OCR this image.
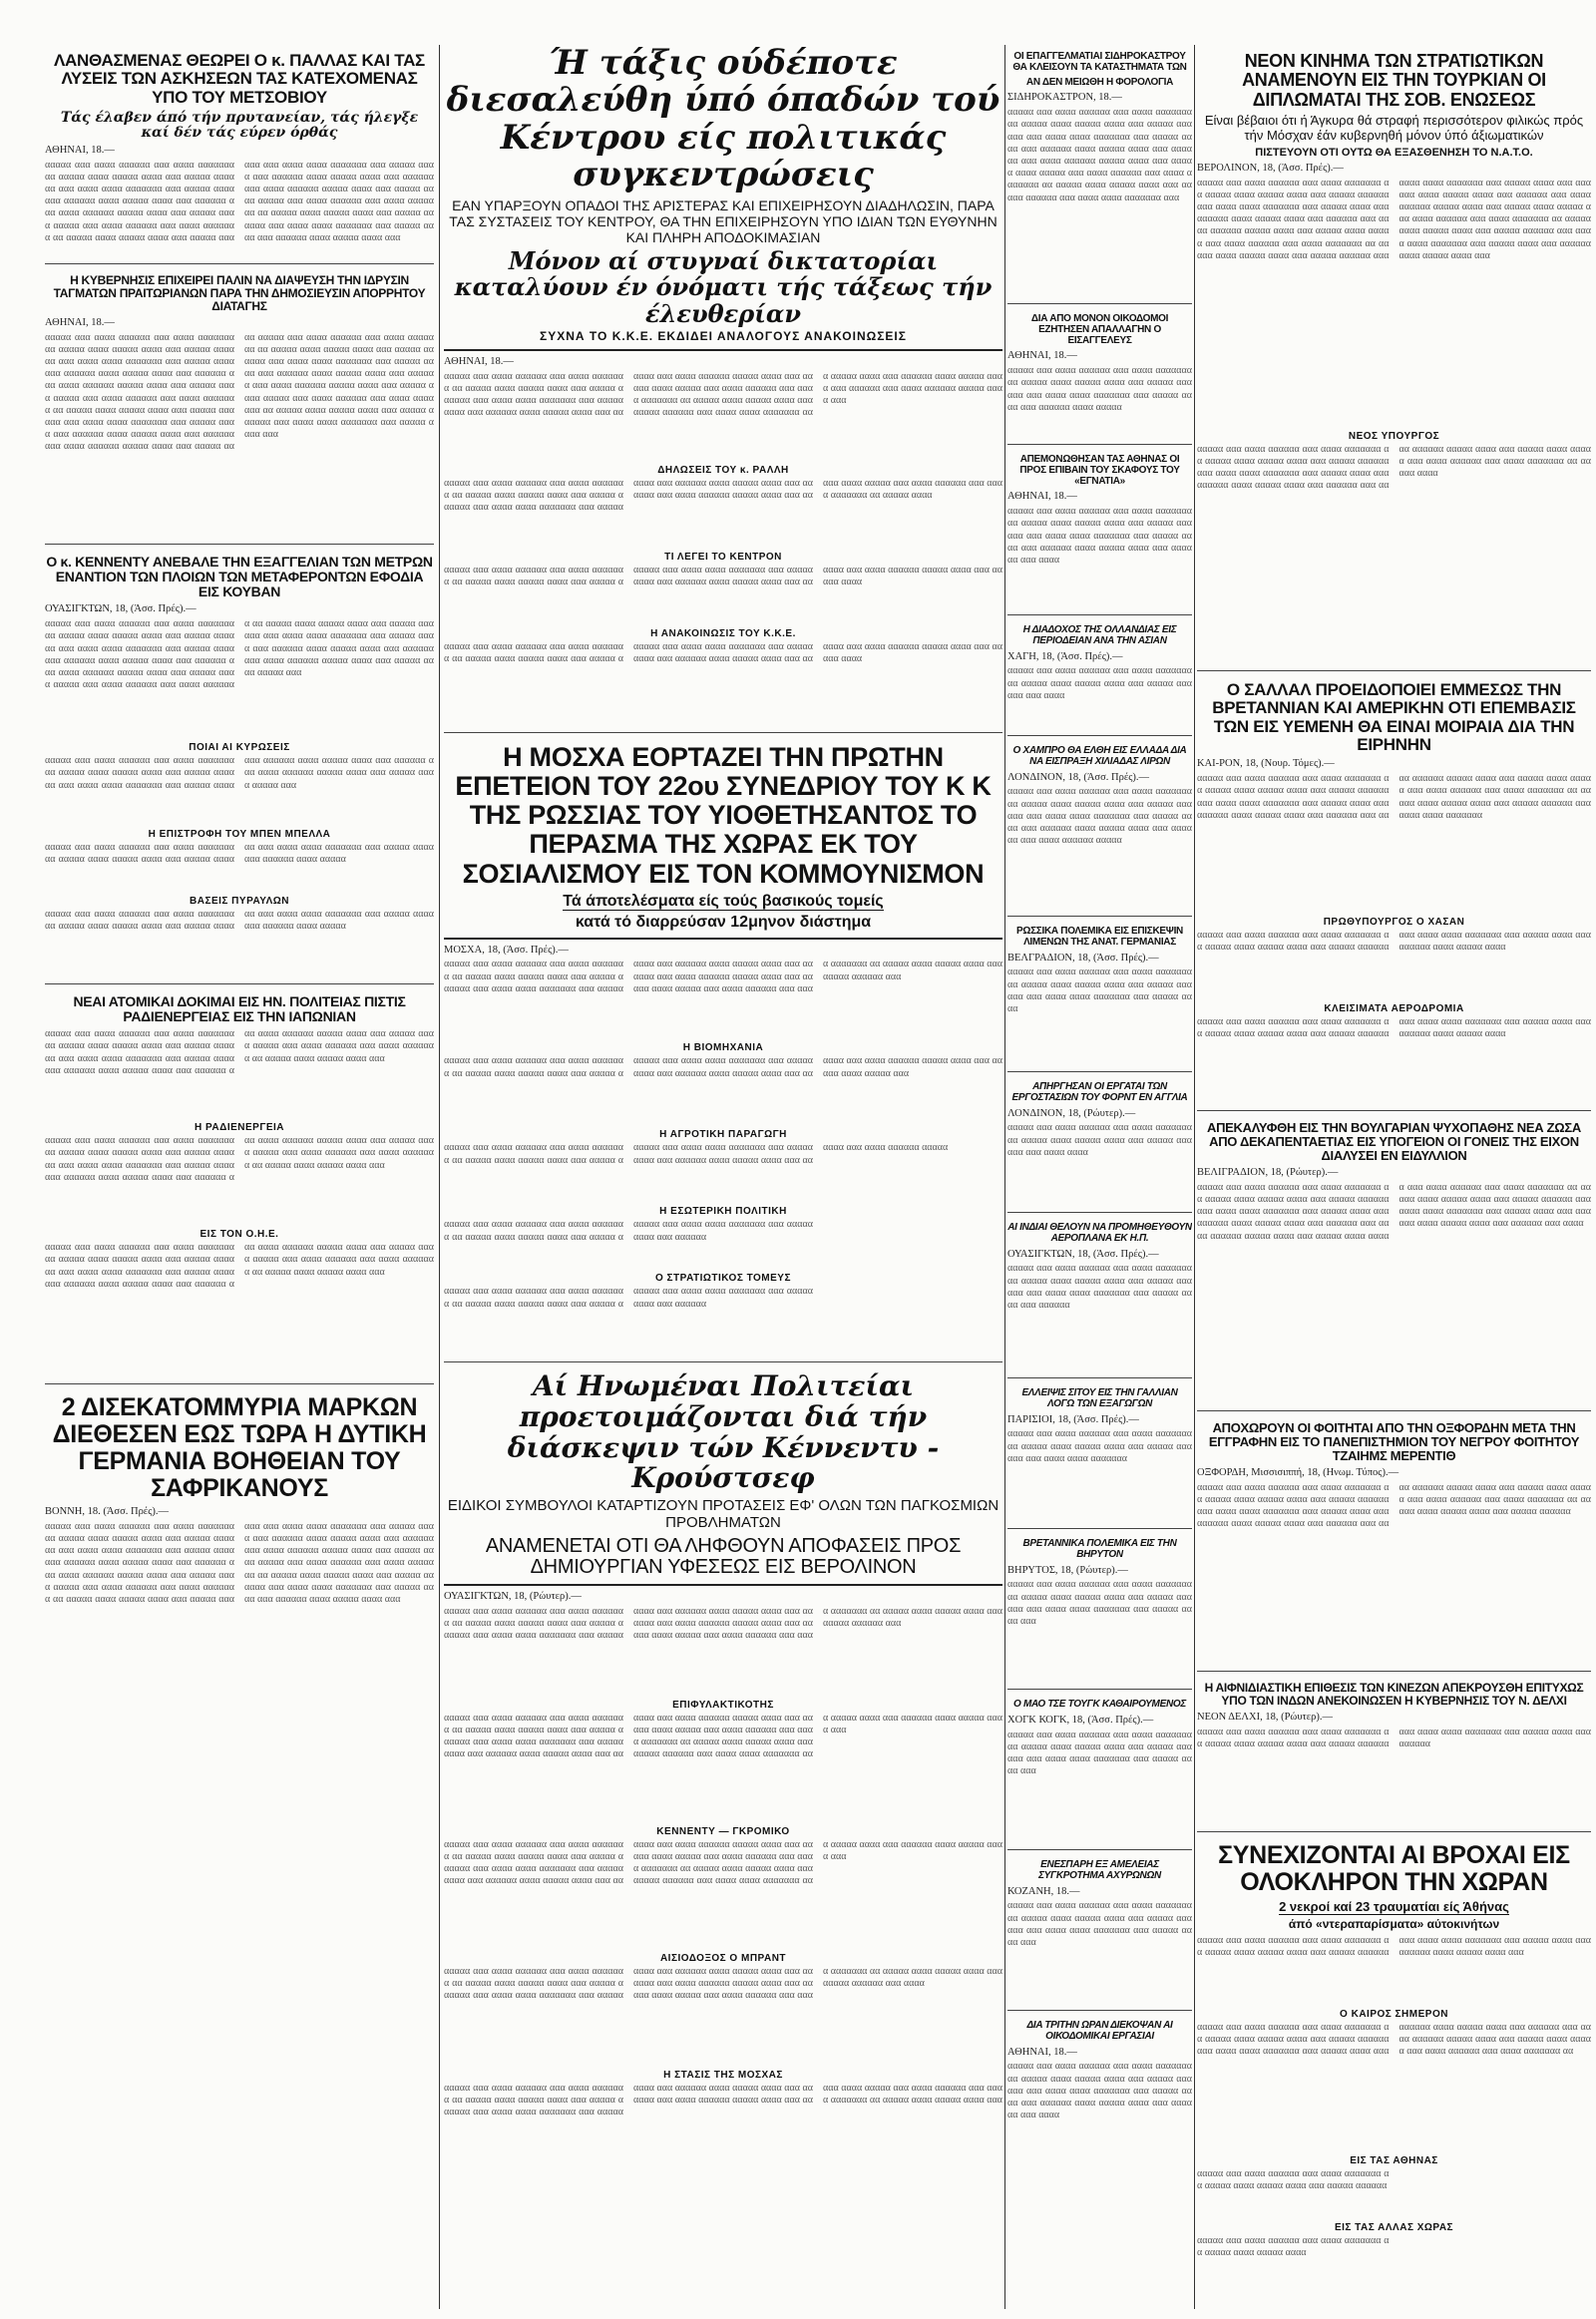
ΛΑΝΘΑΣΜΕΝΑΣ ΘΕΩΡΕΙ Ο κ. ΠΑΛΛΑΣ ΚΑΙ ΤΑΣ ΛΥΣΕΙΣ ΤΩΝ ΑΣΚΗΣΕΩΝ ΤΑΣ ΚΑΤΕΧΟΜΕΝΑΣ ΥΠΟ ΤΟΥ ΜΕΤΣΟΒΙΟΥ
Τάς έλαβεν άπό τήν πρυτανείαν, τάς ήλεγξε καί δέν τάς εύρεν όρθάς
ΑΘΗΝΑΙ, 18.—
ααααα ααα αααα αααααα ααα αααα ααααααα αα ααααα αααα ααααα αααα ααα ααααα αααααα ααα αααα αααα ααααααα ααα ααααα αααα ααα αααααα αααα ααααα αααα ααα αααααα ααα αααα αααααα ααααα αααα ααα ααααα αααα ααααα ααα αααα αααααα ααα αααα ααααααα αα ααααα αααα ααααα αααα ααα ααααα αααααα ααα αααα αααα ααααααα ααα ααααα αααα ααα αααααα αααα ααααα αααα ααα αααααα ααα αααα αααααα ααααα αααα ααα ααααα αααα ααααα ααα αααα αααααα ααα αααα ααααααα αα ααααα αααα ααααα αααα ααα ααααα αααααα ααα αααα αααα ααααααα ααα ααααα αααα ααα αααααα αααα ααααα αααα ααα
Η ΚΥΒΕΡΝΗΣΙΣ ΕΠΙΧΕΙΡΕΙ ΠΑΛΙΝ ΝΑ ΔΙΑΨΕΥΣΗ ΤΗΝ ΙΔΡΥΣΙΝ ΤΑΓΜΑΤΩΝ ΠΡΑΙΤΩΡΙΑΝΩΝ ΠΑΡΑ ΤΗΝ ΔΗΜΟΣΙΕΥΣΙΝ ΑΠΟΡΡΗΤΟΥ ΔΙΑΤΑΓΗΣ
ΑΘΗΝΑΙ, 18.—
ααααα ααα αααα αααααα ααα αααα ααααααα αα ααααα αααα ααααα αααα ααα ααααα αααααα ααα αααα αααα ααααααα ααα ααααα αααα ααα αααααα αααα ααααα αααα ααα αααααα ααα αααα αααααα ααααα αααα ααα ααααα αααα ααααα ααα αααα αααααα ααα αααα ααααααα αα ααααα αααα ααααα αααα ααα ααααα αααααα ααα αααα αααα ααααααα ααα ααααα αααα ααα αααααα αααα ααααα αααα ααα αααααα ααα αααα αααααα ααααα αααα ααα ααααα αααα ααααα ααα αααα αααααα ααα αααα ααααααα αα ααααα αααα ααααα αααα ααα ααααα αααααα ααα αααα αααα ααααααα ααα ααααα αααα ααα αααααα αααα ααααα αααα ααα αααααα ααα αααα αααααα ααααα αααα ααα ααααα αααα ααααα ααα αααα αααααα ααα αααα ααααααα αα ααααα αααα ααααα αααα ααα ααααα αααααα ααα αααα αααα ααααααα ααα ααααα αααα ααα
Ο κ. ΚΕΝΝΕΝΤΥ ΑΝΕΒΑΛΕ ΤΗΝ ΕΞΑΓΓΕΛΙΑΝ ΤΩΝ ΜΕΤΡΩΝ ΕΝΑΝΤΙΟΝ ΤΩΝ ΠΛΟΙΩΝ ΤΩΝ ΜΕΤΑΦΕΡΟΝΤΩΝ ΕΦΟΔΙΑ ΕΙΣ ΚΟΥΒΑΝ
ΟΥΑΣΙΓΚΤΩΝ, 18, (Άσσ. Πρές).—
ααααα ααα αααα αααααα ααα αααα ααααααα αα ααααα αααα ααααα αααα ααα ααααα αααααα ααα αααα αααα ααααααα ααα ααααα αααα ααα αααααα αααα ααααα αααα ααα αααααα ααα αααα αααααα ααααα αααα ααα ααααα αααα ααααα ααα αααα αααααα ααα αααα ααααααα αα ααααα αααα ααααα αααα ααα ααααα αααααα ααα αααα αααα ααααααα ααα ααααα αααα ααα αααααα αααα ααααα αααα ααα αααααα ααα αααα αααααα ααααα αααα ααα ααααα αααα ααααα ααα
ΠΟΙΑΙ ΑΙ ΚΥΡΩΣΕΙΣ
ααααα ααα αααα αααααα ααα αααα ααααααα αα ααααα αααα ααααα αααα ααα ααααα αααααα ααα αααα αααα ααααααα ααα ααααα αααα ααα αααααα αααα ααααα αααα ααα αααααα ααα αααα αααααα ααααα αααα ααα ααααα αααα ααααα ααα
Η ΕΠΙΣΤΡΟΦΗ ΤΟΥ ΜΠΕΝ ΜΠΕΛΛΑ
ααααα ααα αααα αααααα ααα αααα ααααααα αα ααααα αααα ααααα αααα ααα ααααα αααααα ααα αααα αααα ααααααα ααα ααααα αααα ααα αααααα αααα ααααα
ΒΑΣΕΙΣ ΠΥΡΑΥΛΩΝ
ααααα ααα αααα αααααα ααα αααα ααααααα αα ααααα αααα ααααα αααα ααα ααααα αααααα ααα αααα αααα ααααααα ααα ααααα αααα ααα αααααα αααα ααααα
ΝΕΑΙ ΑΤΟΜΙΚΑΙ ΔΟΚΙΜΑΙ ΕΙΣ ΗΝ. ΠΟΛΙΤΕΙΑΣ ΠΙΣΤΙΣ ΡΑΔΙΕΝΕΡΓΕΙΑΣ ΕΙΣ ΤΗΝ ΙΑΠΩΝΙΑΝ
ααααα ααα αααα αααααα ααα αααα ααααααα αα ααααα αααα ααααα αααα ααα ααααα αααααα ααα αααα αααα ααααααα ααα ααααα αααα ααα αααααα αααα ααααα αααα ααα αααααα ααα αααα αααααα ααααα αααα ααα ααααα αααα ααααα ααα αααα αααααα ααα αααα ααααααα αα ααααα αααα ααααα αααα ααα
Η ΡΑΔΙΕΝΕΡΓΕΙΑ
ααααα ααα αααα αααααα ααα αααα ααααααα αα ααααα αααα ααααα αααα ααα ααααα αααααα ααα αααα αααα ααααααα ααα ααααα αααα ααα αααααα αααα ααααα αααα ααα αααααα ααα αααα αααααα ααααα αααα ααα ααααα αααα ααααα ααα αααα αααααα ααα αααα ααααααα αα ααααα αααα ααααα αααα ααα
ΕΙΣ ΤΟΝ Ο.Η.Ε.
ααααα ααα αααα αααααα ααα αααα ααααααα αα ααααα αααα ααααα αααα ααα ααααα αααααα ααα αααα αααα ααααααα ααα ααααα αααα ααα αααααα αααα ααααα αααα ααα αααααα ααα αααα αααααα ααααα αααα ααα ααααα αααα ααααα ααα αααα αααααα ααα αααα ααααααα αα ααααα αααα ααααα αααα ααα
2 ΔΙΣΕΚΑΤΟΜΜΥΡΙΑ ΜΑΡΚΩΝ ΔΙΕΘΕΣΕΝ ΕΩΣ ΤΩΡΑ Η ΔΥΤΙΚΗ ΓΕΡΜΑΝΙΑ ΒΟΗΘΕΙΑΝ ΤΟΥ ΣΑΦΡΙΚΑΝΟΥΣ
ΒΟΝΝΗ, 18. (Άσσ. Πρές).—
ααααα ααα αααα αααααα ααα αααα ααααααα αα ααααα αααα ααααα αααα ααα ααααα αααααα ααα αααα αααα ααααααα ααα ααααα αααα ααα αααααα αααα ααααα αααα ααα αααααα ααα αααα αααααα ααααα αααα ααα ααααα αααα ααααα ααα αααα αααααα ααα αααα ααααααα αα ααααα αααα ααααα αααα ααα ααααα αααααα ααα αααα αααα ααααααα ααα ααααα αααα ααα αααααα αααα ααααα αααα ααα αααααα ααα αααα αααααα ααααα αααα ααα ααααα αααα ααααα ααα αααα αααααα ααα αααα ααααααα αα ααααα αααα ααααα αααα ααα ααααα αααααα ααα αααα αααα ααααααα ααα ααααα αααα ααα αααααα αααα ααααα αααα ααα
Ή τάξις ούδέποτε διεσαλεύθη ύπό όπαδών τού Κέντρου είς πολιτικάς συγκεντρώσεις
ΕΑΝ ΥΠΑΡΞΟΥΝ ΟΠΑΔΟΙ ΤΗΣ ΑΡΙΣΤΕΡΑΣ ΚΑΙ ΕΠΙΧΕΙΡΗΣΟΥΝ ΔΙΑΔΗΛΩΣΙΝ, ΠΑΡΑ ΤΑΣ ΣΥΣΤΑΣΕΙΣ ΤΟΥ ΚΕΝΤΡΟΥ, ΘΑ ΤΗΝ ΕΠΙΧΕΙΡΗΣΟΥΝ ΥΠΟ ΙΔΙΑΝ ΤΩΝ ΕΥΘΥΝΗΝ ΚΑΙ ΠΛΗΡΗ ΑΠΟΔΟΚΙΜΑΣΙΑΝ
Μόνον αί στυγναί δικτατορίαι καταλύουν έν όνόματι τής τάξεως τήν έλευθερίαν
ΣΥΧΝΑ ΤΟ Κ.Κ.Ε. ΕΚΔΙΔΕΙ ΑΝΑΛΟΓΟΥΣ ΑΝΑΚΟΙΝΩΣΕΙΣ
ΑΘΗΝΑΙ, 18.—
ααααα ααα αααα αααααα ααα αααα ααααααα αα ααααα αααα ααααα αααα ααα ααααα αααααα ααα αααα αααα ααααααα ααα ααααα αααα ααα αααααα αααα ααααα αααα ααα αααααα ααα αααα αααααα ααααα αααα ααα ααααα αααα ααααα ααα αααα αααααα ααα αααα ααααααα αα ααααα αααα ααααα αααα ααα ααααα αααααα ααα αααα αααα ααααααα ααα ααααα αααα ααα αααααα αααα ααααα αααα ααα αααααα ααα αααα αααααα ααααα αααα ααα
ΔΗΛΩΣΕΙΣ ΤΟΥ κ. ΡΑΛΛΗ
ααααα ααα αααα αααααα ααα αααα ααααααα αα ααααα αααα ααααα αααα ααα ααααα αααααα ααα αααα αααα ααααααα ααα ααααα αααα ααα αααααα αααα ααααα αααα ααα αααααα ααα αααα αααααα ααααα αααα ααα ααααα αααα ααααα ααα αααα αααααα ααα αααα ααααααα αα ααααα αααα
ΤΙ ΛΕΓΕΙ ΤΟ ΚΕΝΤΡΟΝ
ααααα ααα αααα αααααα ααα αααα ααααααα αα ααααα αααα ααααα αααα ααα ααααα αααααα ααα αααα αααα ααααααα ααα ααααα αααα ααα αααααα αααα ααααα αααα ααα αααααα ααα αααα αααααα ααααα αααα ααα ααααα αααα
Η ΑΝΑΚΟΙΝΩΣΙΣ ΤΟΥ Κ.Κ.Ε.
ααααα ααα αααα αααααα ααα αααα ααααααα αα ααααα αααα ααααα αααα ααα ααααα αααααα ααα αααα αααα ααααααα ααα ααααα αααα ααα αααααα αααα ααααα αααα ααα αααααα ααα αααα αααααα ααααα αααα ααα ααααα αααα
Η ΜΟΣΧΑ ΕΟΡΤΑΖΕΙ ΤΗΝ ΠΡΩΤΗΝ ΕΠΕΤΕΙΟΝ ΤΟΥ 22ου ΣΥΝΕΔΡΙΟΥ ΤΟΥ Κ Κ ΤΗΣ ΡΩΣΣΙΑΣ ΤΟΥ ΥΙΟΘΕΤΗΣΑΝΤΟΣ ΤΟ ΠΕΡΑΣΜΑ ΤΗΣ ΧΩΡΑΣ ΕΚ ΤΟΥ ΣΟΣΙΑΛΙΣΜΟΥ ΕΙΣ ΤΟΝ ΚΟΜΜΟΥΝΙΣΜΟΝ
Τά άποτελέσματα είς τούς βασικούς τομείς
κατά τό διαρρεύσαν 12μηνον διάστημα
ΜΟΣΧΑ, 18, (Άσσ. Πρές).—
ααααα ααα αααα αααααα ααα αααα ααααααα αα ααααα αααα ααααα αααα ααα ααααα αααααα ααα αααα αααα ααααααα ααα ααααα αααα ααα αααααα αααα ααααα αααα ααα αααααα ααα αααα αααααα ααααα αααα ααα ααααα αααα ααααα ααα αααα αααααα ααα αααα ααααααα αα ααααα αααα ααααα αααα ααα ααααα αααααα ααα
Η ΒΙΟΜΗΧΑΝΙΑ
ααααα ααα αααα αααααα ααα αααα ααααααα αα ααααα αααα ααααα αααα ααα ααααα αααααα ααα αααα αααα ααααααα ααα ααααα αααα ααα αααααα αααα ααααα αααα ααα αααααα ααα αααα αααααα ααααα αααα ααα ααααα αααα ααααα ααα
Η ΑΓΡΟΤΙΚΗ ΠΑΡΑΓΩΓΗ
ααααα ααα αααα αααααα ααα αααα ααααααα αα ααααα αααα ααααα αααα ααα ααααα αααααα ααα αααα αααα ααααααα ααα ααααα αααα ααα αααααα αααα ααααα αααα ααα αααααα ααα αααα αααααα ααααα
Η ΕΣΩΤΕΡΙΚΗ ΠΟΛΙΤΙΚΗ
ααααα ααα αααα αααααα ααα αααα ααααααα αα ααααα αααα ααααα αααα ααα ααααα αααααα ααα αααα αααα ααααααα ααα ααααα αααα ααα αααααα
Ο ΣΤΡΑΤΙΩΤΙΚΟΣ ΤΟΜΕΥΣ
ααααα ααα αααα αααααα ααα αααα ααααααα αα ααααα αααα ααααα αααα ααα ααααα αααααα ααα αααα αααα ααααααα ααα ααααα αααα ααα αααααα
Αί Ηνωμέναι Πολιτείαι προετοιμάζονται διά τήν διάσκεψιν τών Κέννεντυ - Κρούστσεφ
ΕΙΔΙΚΟΙ ΣΥΜΒΟΥΛΟΙ ΚΑΤΑΡΤΙΖΟΥΝ ΠΡΟΤΑΣΕΙΣ ΕΦ' ΟΛΩΝ ΤΩΝ ΠΑΓΚΟΣΜΙΩΝ ΠΡΟΒΛΗΜΑΤΩΝ
ΑΝΑΜΕΝΕΤΑΙ ΟΤΙ ΘΑ ΛΗΦΘΟΥΝ ΑΠΟΦΑΣΕΙΣ ΠΡΟΣ ΔΗΜΙΟΥΡΓΙΑΝ ΥΦΕΣΕΩΣ ΕΙΣ ΒΕΡΟΛΙΝΟΝ
ΟΥΑΣΙΓΚΤΩΝ, 18, (Ρώυτερ).—
ααααα ααα αααα αααααα ααα αααα ααααααα αα ααααα αααα ααααα αααα ααα ααααα αααααα ααα αααα αααα ααααααα ααα ααααα αααα ααα αααααα αααα ααααα αααα ααα αααααα ααα αααα αααααα ααααα αααα ααα ααααα αααα ααααα ααα αααα αααααα ααα αααα ααααααα αα ααααα αααα ααααα αααα ααα ααααα αααααα ααα
ΕΠΙΦΥΛΑΚΤΙΚΟΤΗΣ
ααααα ααα αααα αααααα ααα αααα ααααααα αα ααααα αααα ααααα αααα ααα ααααα αααααα ααα αααα αααα ααααααα ααα ααααα αααα ααα αααααα αααα ααααα αααα ααα αααααα ααα αααα αααααα ααααα αααα ααα ααααα αααα ααααα ααα αααα αααααα ααα αααα ααααααα αα ααααα αααα ααααα αααα ααα ααααα αααααα ααα αααα αααα ααααααα ααα ααααα αααα ααα αααααα αααα ααααα αααα ααα
ΚΕΝΝΕΝΤΥ — ΓΚΡΟΜΙΚΟ
ααααα ααα αααα αααααα ααα αααα ααααααα αα ααααα αααα ααααα αααα ααα ααααα αααααα ααα αααα αααα ααααααα ααα ααααα αααα ααα αααααα αααα ααααα αααα ααα αααααα ααα αααα αααααα ααααα αααα ααα ααααα αααα ααααα ααα αααα αααααα ααα αααα ααααααα αα ααααα αααα ααααα αααα ααα ααααα αααααα ααα αααα αααα ααααααα ααα ααααα αααα ααα αααααα αααα ααααα αααα ααα
ΑΙΣΙΟΔΟΞΟΣ Ο ΜΠΡΑΝΤ
ααααα ααα αααα αααααα ααα αααα ααααααα αα ααααα αααα ααααα αααα ααα ααααα αααααα ααα αααα αααα ααααααα ααα ααααα αααα ααα αααααα αααα ααααα αααα ααα αααααα ααα αααα αααααα ααααα αααα ααα ααααα αααα ααααα ααα αααα αααααα ααα αααα ααααααα αα ααααα αααα ααααα αααα ααα ααααα αααααα ααα αααα
Η ΣΤΑΣΙΣ ΤΗΣ ΜΟΣΧΑΣ
ααααα ααα αααα αααααα ααα αααα ααααααα αα ααααα αααα ααααα αααα ααα ααααα αααααα ααα αααα αααα ααααααα ααα ααααα αααα ααα αααααα αααα ααααα αααα ααα αααααα ααα αααα αααααα ααααα αααα ααα ααααα αααα ααααα ααα αααα αααααα ααα αααα ααααααα αα ααααα αααα ααααα αααα ααα
ΟΙ ΕΠΑΓΓΕΛΜΑΤΙΑΙ ΣΙΔΗΡΟΚΑΣΤΡΟΥ ΘΑ ΚΛΕΙΣΟΥΝ ΤΑ ΚΑΤΑΣΤΗΜΑΤΑ ΤΩΝ
ΑΝ ΔΕΝ ΜΕΙΩΘΗ Η ΦΟΡΟΛΟΓΙΑ
ΣΙΔΗΡΟΚΑΣΤΡΟΝ, 18.—
ααααα ααα αααα αααααα ααα αααα ααααααα αα ααααα αααα ααααα αααα ααα ααααα αααααα ααα αααα αααα ααααααα ααα ααααα αααα ααα αααααα αααα ααααα αααα ααα αααααα ααα αααα αααααα ααααα αααα ααα ααααα αααα ααααα ααα αααα αααααα ααα αααα ααααααα αα ααααα αααα ααααα αααα ααα ααααα αααααα ααα αααα αααα ααααααα ααα
ΔΙΑ ΑΠΟ ΜΟΝΟΝ ΟΙΚΟΔΟΜΟΙ ΕΖΗΤΗΣΕΝ ΑΠΑΛΛΑΓΗΝ Ο ΕΙΣΑΓΓΕΛΕΥΣ
ΑΘΗΝΑΙ, 18.—
ααααα ααα αααα αααααα ααα αααα ααααααα αα ααααα αααα ααααα αααα ααα ααααα αααααα ααα αααα αααα ααααααα ααα ααααα αααα ααα αααααα αααα ααααα
ΑΠΕΜΟΝΩΘΗΣΑΝ ΤΑΣ ΑΘΗΝΑΣ ΟΙ ΠΡΟΣ ΕΠΙΒΑΙΝ ΤΟΥ ΣΚΑΦΟΥΣ ΤΟΥ «ΕΓΝΑΤΙΑ»
ΑΘΗΝΑΙ, 18.—
ααααα ααα αααα αααααα ααα αααα ααααααα αα ααααα αααα ααααα αααα ααα ααααα αααααα ααα αααα αααα ααααααα ααα ααααα αααα ααα αααααα αααα ααααα αααα ααα αααααα ααα αααα
Η ΔΙΑΔΟΧΟΣ ΤΗΣ ΟΛΛΑΝΔΙΑΣ ΕΙΣ ΠΕΡΙΟΔΕΙΑΝ ΑΝΑ ΤΗΝ ΑΣΙΑΝ
ΧΑΓΗ, 18, (Άσσ. Πρές).—
ααααα ααα αααα αααααα ααα αααα ααααααα αα ααααα αααα ααααα αααα ααα ααααα αααααα ααα αααα
Ο ΧΑΜΠΡΟ ΘΑ ΕΛΘΗ ΕΙΣ ΕΛΛΑΔΑ ΔΙΑ ΝΑ ΕΙΣΠΡΑΞΗ ΧΙΛΙΑΔΑΣ ΛΙΡΩΝ
ΛΟΝΔΙΝΟΝ, 18, (Άσσ. Πρές).—
ααααα ααα αααα αααααα ααα αααα ααααααα αα ααααα αααα ααααα αααα ααα ααααα αααααα ααα αααα αααα ααααααα ααα ααααα αααα ααα αααααα αααα ααααα αααα ααα αααααα ααα αααα αααααα ααααα
ΡΩΣΣΙΚΑ ΠΟΛΕΜΙΚΑ ΕΙΣ ΕΠΙΣΚΕΨΙΝ ΛΙΜΕΝΩΝ ΤΗΣ ΑΝΑΤ. ΓΕΡΜΑΝΙΑΣ
ΒΕΛΓΡΑΔΙΟΝ, 18, (Άσσ. Πρές).—
ααααα ααα αααα αααααα ααα αααα ααααααα αα ααααα αααα ααααα αααα ααα ααααα αααααα ααα αααα αααα ααααααα ααα ααααα αααα
ΑΠΗΡΓΗΣΑΝ ΟΙ ΕΡΓΑΤΑΙ ΤΩΝ ΕΡΓΟΣΤΑΣΙΩΝ ΤΟΥ ΦΟΡΝΤ ΕΝ ΑΓΓΛΙΑ
ΛΟΝΔΙΝΟΝ, 18, (Ρώυτερ).—
ααααα ααα αααα αααααα ααα αααα ααααααα αα ααααα αααα ααααα αααα ααα ααααα αααααα ααα αααα αααα
ΑΙ ΙΝΔΙΑΙ ΘΕΛΟΥΝ ΝΑ ΠΡΟΜΗΘΕΥΘΟΥΝ ΑΕΡΟΠΛΑΝΑ ΕΚ Η.Π.
ΟΥΑΣΙΓΚΤΩΝ, 18, (Άσσ. Πρές).—
ααααα ααα αααα αααααα ααα αααα ααααααα αα ααααα αααα ααααα αααα ααα ααααα αααααα ααα αααα αααα ααααααα ααα ααααα αααα ααα αααααα
ΕΛΛΕΙΨΙΣ ΣΙΤΟΥ ΕΙΣ ΤΗΝ ΓΑΛΛΙΑΝ ΛΟΓΩ ΤΩΝ ΕΞΑΓΩΓΩΝ
ΠΑΡΙΣΙΟΙ, 18, (Άσσ. Πρές).—
ααααα ααα αααα αααααα ααα αααα ααααααα αα ααααα αααα ααααα αααα ααα ααααα αααααα ααα αααα αααα ααααααα
ΒΡΕΤΑΝΝΙΚΑ ΠΟΛΕΜΙΚΑ ΕΙΣ ΤΗΝ ΒΗΡΥΤΟΝ
ΒΗΡΥΤΟΣ, 18, (Ρώυτερ).—
ααααα ααα αααα αααααα ααα αααα ααααααα αα ααααα αααα ααααα αααα ααα ααααα αααααα ααα αααα αααα ααααααα ααα ααααα αααα ααα
Ο ΜΑΟ ΤΣΕ ΤΟΥΓΚ ΚΑΘΑΙΡΟΥΜΕΝΟΣ
ΧΟΓΚ ΚΟΓΚ, 18, (Άσσ. Πρές).—
ααααα ααα αααα αααααα ααα αααα ααααααα αα ααααα αααα ααααα αααα ααα ααααα αααααα ααα αααα αααα ααααααα ααα ααααα αααα ααα
ΕΝΕΣΠΑΡΗ ΕΞ ΑΜΕΛΕΙΑΣ ΣΥΓΚΡΟΤΗΜΑ ΑΧΥΡΩΝΩΝ
ΚΟΖΑΝΗ, 18.—
ααααα ααα αααα αααααα ααα αααα ααααααα αα ααααα αααα ααααα αααα ααα ααααα αααααα ααα αααα αααα ααααααα ααα ααααα αααα ααα
ΔΙΑ ΤΡΙΤΗΝ ΩΡΑΝ ΔΙΕΚΟΨΑΝ ΑΙ ΟΙΚΟΔΟΜΙΚΑΙ ΕΡΓΑΣΙΑΙ
ΑΘΗΝΑΙ, 18.—
ααααα ααα αααα αααααα ααα αααα ααααααα αα ααααα αααα ααααα αααα ααα ααααα αααααα ααα αααα αααα ααααααα ααα ααααα αααα ααα αααααα αααα ααααα αααα ααα αααααα ααα αααα
ΝΕΟΝ ΚΙΝΗΜΑ ΤΩΝ ΣΤΡΑΤΙΩΤΙΚΩΝ ΑΝΑΜΕΝΟΥΝ ΕΙΣ ΤΗΝ ΤΟΥΡΚΙΑΝ ΟΙ ΔΙΠΛΩΜΑΤΑΙ ΤΗΣ ΣΟΒ. ΕΝΩΣΕΩΣ
Είναι βέβαιοι ότι ή Άγκυρα θά στραφή περισσότερον φιλικώς πρός τήν Μόσχαν έάν κυβερνηθή μόνον ύπό άξιωματικών
ΠΙΣΤΕΥΟΥΝ ΟΤΙ ΟΥΤΩ ΘΑ ΕΞΑΣΘΕΝΗΣΗ ΤΟ Ν.Α.Τ.Ο.
ΒΕΡΟΛΙΝΟΝ, 18, (Άσσ. Πρές).—
ααααα ααα αααα αααααα ααα αααα ααααααα αα ααααα αααα ααααα αααα ααα ααααα αααααα ααα αααα αααα ααααααα ααα ααααα αααα ααα αααααα αααα ααααα αααα ααα αααααα ααα αααα αααααα ααααα αααα ααα ααααα αααα ααααα ααα αααα αααααα ααα αααα ααααααα αα ααααα αααα ααααα αααα ααα ααααα αααααα ααα αααα αααα ααααααα ααα ααααα αααα ααα αααααα αααα ααααα αααα ααα αααααα ααα αααα αααααα ααααα αααα ααα ααααα αααα ααααα ααα αααα αααααα ααα αααα ααααααα αα ααααα αααα ααααα αααα ααα ααααα αααααα ααα αααα αααα ααααααα ααα ααααα αααα ααα αααααα αααα ααααα αααα ααα
ΝΕΟΣ ΥΠΟΥΡΓΟΣ
ααααα ααα αααα αααααα ααα αααα ααααααα αα ααααα αααα ααααα αααα ααα ααααα αααααα ααα αααα αααα ααααααα ααα ααααα αααα ααα αααααα αααα ααααα αααα ααα αααααα ααα αααα αααααα ααααα αααα ααα ααααα αααα ααααα ααα αααα αααααα ααα αααα ααααααα αα ααααα αααα
Ο ΣΑΛΛΑΛ ΠΡΟΕΙΔΟΠΟΙΕΙ ΕΜΜΕΣΩΣ ΤΗΝ ΒΡΕΤΑΝΝΙΑΝ ΚΑΙ ΑΜΕΡΙΚΗΝ ΟΤΙ ΕΠΕΜΒΑΣΙΣ ΤΩΝ ΕΙΣ ΥΕΜΕΝΗ ΘΑ ΕΙΝΑΙ ΜΟΙΡΑΙΑ ΔΙΑ ΤΗΝ ΕΙΡΗΝΗΝ
ΚΑΙ-ΡΟΝ, 18, (Νουρ. Τόμες).—
ααααα ααα αααα αααααα ααα αααα ααααααα αα ααααα αααα ααααα αααα ααα ααααα αααααα ααα αααα αααα ααααααα ααα ααααα αααα ααα αααααα αααα ααααα αααα ααα αααααα ααα αααα αααααα ααααα αααα ααα ααααα αααα ααααα ααα αααα αααααα ααα αααα ααααααα αα ααααα αααα ααααα αααα ααα ααααα αααααα ααα αααα αααα ααααααα
ΠΡΩΘΥΠΟΥΡΓΟΣ Ο ΧΑΣΑΝ
ααααα ααα αααα αααααα ααα αααα ααααααα αα ααααα αααα ααααα αααα ααα ααααα αααααα ααα αααα αααα ααααααα ααα ααααα αααα ααα αααααα αααα ααααα αααα
ΚΛΕΙΣΙΜΑΤΑ ΑΕΡΟΔΡΟΜΙΑ
ααααα ααα αααα αααααα ααα αααα ααααααα αα ααααα αααα ααααα αααα ααα ααααα αααααα ααα αααα αααα ααααααα ααα ααααα αααα ααα αααααα αααα ααααα αααα
ΑΠΕΚΑΛΥΦΘΗ ΕΙΣ ΤΗΝ ΒΟΥΛΓΑΡΙΑΝ ΨΥΧΟΠΑΘΗΣ ΝΕΑ ΖΩΣΑ ΑΠΟ ΔΕΚΑΠΕΝΤΑΕΤΙΑΣ ΕΙΣ ΥΠΟΓΕΙΟΝ ΟΙ ΓΟΝΕΙΣ ΤΗΣ ΕΙΧΟΝ ΔΙΑΛΥΣΕΙ ΕΝ ΕΙΔΥΛΛΙΟΝ
ΒΕΛΙΓΡΑΔΙΟΝ, 18, (Ρώυτερ).—
ααααα ααα αααα αααααα ααα αααα ααααααα αα ααααα αααα ααααα αααα ααα ααααα αααααα ααα αααα αααα ααααααα ααα ααααα αααα ααα αααααα αααα ααααα αααα ααα αααααα ααα αααα αααααα ααααα αααα ααα ααααα αααα ααααα ααα αααα αααααα ααα αααα ααααααα αα ααααα αααα ααααα αααα ααα ααααα αααααα ααα αααα αααα ααααααα ααα ααααα αααα ααα αααααα αααα ααααα αααα ααα αααααα ααα αααα
ΑΠΟΧΩΡΟΥΝ ΟΙ ΦΟΙΤΗΤΑΙ ΑΠΟ ΤΗΝ ΟΞΦΟΡΔΗΝ ΜΕΤΑ ΤΗΝ ΕΓΓΡΑΦΗΝ ΕΙΣ ΤΟ ΠΑΝΕΠΙΣΤΗΜΙΟΝ ΤΟΥ ΝΕΓΡΟΥ ΦΟΙΤΗΤΟΥ ΤΖΑΙΗΜΣ ΜΕΡΕΝΤΙΘ
ΟΞΦΟΡΔΗ, Μισσισιππή, 18, (Ηνωμ. Τύπος).—
ααααα ααα αααα αααααα ααα αααα ααααααα αα ααααα αααα ααααα αααα ααα ααααα αααααα ααα αααα αααα ααααααα ααα ααααα αααα ααα αααααα αααα ααααα αααα ααα αααααα ααα αααα αααααα ααααα αααα ααα ααααα αααα ααααα ααα αααα αααααα ααα αααα ααααααα αα ααααα αααα ααααα αααα ααα ααααα αααααα
Η ΑΙΦΝΙΔΙΑΣΤΙΚΗ ΕΠΙΘΕΣΙΣ ΤΩΝ ΚΙΝΕΖΩΝ ΑΠΕΚΡΟΥΣΘΗ ΕΠΙΤΥΧΩΣ ΥΠΟ ΤΩΝ ΙΝΔΩΝ ΑΝΕΚΟΙΝΩΣΕΝ Η ΚΥΒΕΡΝΗΣΙΣ ΤΟΥ Ν. ΔΕΛΧΙ
ΝΕΟΝ ΔΕΛΧΙ, 18, (Ρώυτερ).—
ααααα ααα αααα αααααα ααα αααα ααααααα αα ααααα αααα ααααα αααα ααα ααααα αααααα ααα αααα αααα ααααααα ααα ααααα αααα ααα αααααα
ΣΥΝΕΧΙΖΟΝΤΑΙ ΑΙ ΒΡΟΧΑΙ ΕΙΣ ΟΛΟΚΛΗΡΟΝ ΤΗΝ ΧΩΡΑΝ
2 νεκροί καί 23 τραυματίαι είς Άθήνας
άπό «ντεραπαρίσματα» αύτοκινήτων
ααααα ααα αααα αααααα ααα αααα ααααααα αα ααααα αααα ααααα αααα ααα ααααα αααααα ααα αααα αααα ααααααα ααα ααααα αααα ααα αααααα αααα ααααα αααα ααα
Ο ΚΑΙΡΟΣ ΣΗΜΕΡΟΝ
ααααα ααα αααα αααααα ααα αααα ααααααα αα ααααα αααα ααααα αααα ααα ααααα αααααα ααα αααα αααα ααααααα ααα ααααα αααα ααα αααααα αααα ααααα αααα ααα αααααα ααα αααα αααααα ααααα αααα ααα ααααα αααα ααααα ααα αααα αααααα ααα αααα ααααααα αα
ΕΙΣ ΤΑΣ ΑΘΗΝΑΣ
ααααα ααα αααα αααααα ααα αααα ααααααα αα ααααα αααα ααααα αααα ααα ααααα αααααα
ΕΙΣ ΤΑΣ ΑΛΛΑΣ ΧΩΡΑΣ
ααααα ααα αααα αααααα ααα αααα ααααααα αα ααααα αααα ααααα αααα
